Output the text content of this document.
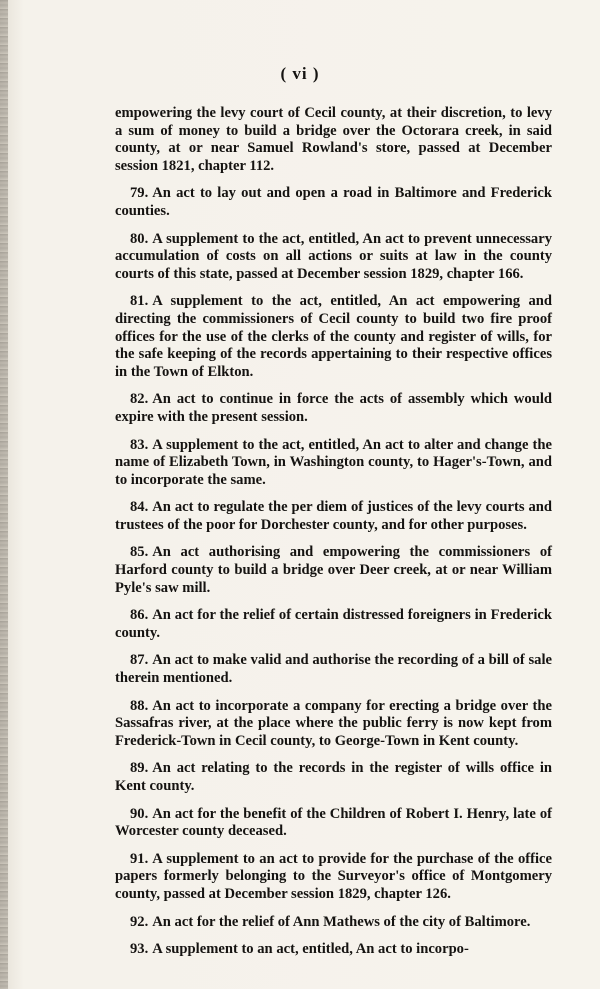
( vi )

empowering the levy court of Cecil county, at their discretion, to levy a sum of money to build a bridge over the Octorara creek, in said county, at or near Samuel Rowland's store, passed at December session 1821, chapter 112.

79. An act to lay out and open a road in Baltimore and Frederick counties.

80. A supplement to the act, entitled, An act to prevent unnecessary accumulation of costs on all actions or suits at law in the county courts of this state, passed at December session 1829, chapter 166.

81. A supplement to the act, entitled, An act empowering and directing the commissioners of Cecil county to build two fire proof offices for the use of the clerks of the county and register of wills, for the safe keeping of the records appertaining to their respective offices in the Town of Elkton.

82. An act to continue in force the acts of assembly which would expire with the present session.

83. A supplement to the act, entitled, An act to alter and change the name of Elizabeth Town, in Washington county, to Hager's-Town, and to incorporate the same.

84. An act to regulate the per diem of justices of the levy courts and trustees of the poor for Dorchester county, and for other purposes.

85. An act authorising and empowering the commissioners of Harford county to build a bridge over Deer creek, at or near William Pyle's saw mill.

86. An act for the relief of certain distressed foreigners in Frederick county.

87. An act to make valid and authorise the recording of a bill of sale therein mentioned.

88. An act to incorporate a company for erecting a bridge over the Sassafras river, at the place where the public ferry is now kept from Frederick-Town in Cecil county, to George-Town in Kent county.

89. An act relating to the records in the register of wills office in Kent county.

90. An act for the benefit of the Children of Robert I. Henry, late of Worcester county deceased.

91. A supplement to an act to provide for the purchase of the office papers formerly belonging to the Surveyor's office of Montgomery county, passed at December session 1829, chapter 126.

92. An act for the relief of Ann Mathews of the city of Baltimore.

93. A supplement to an act, entitled, An act to incorpo-
